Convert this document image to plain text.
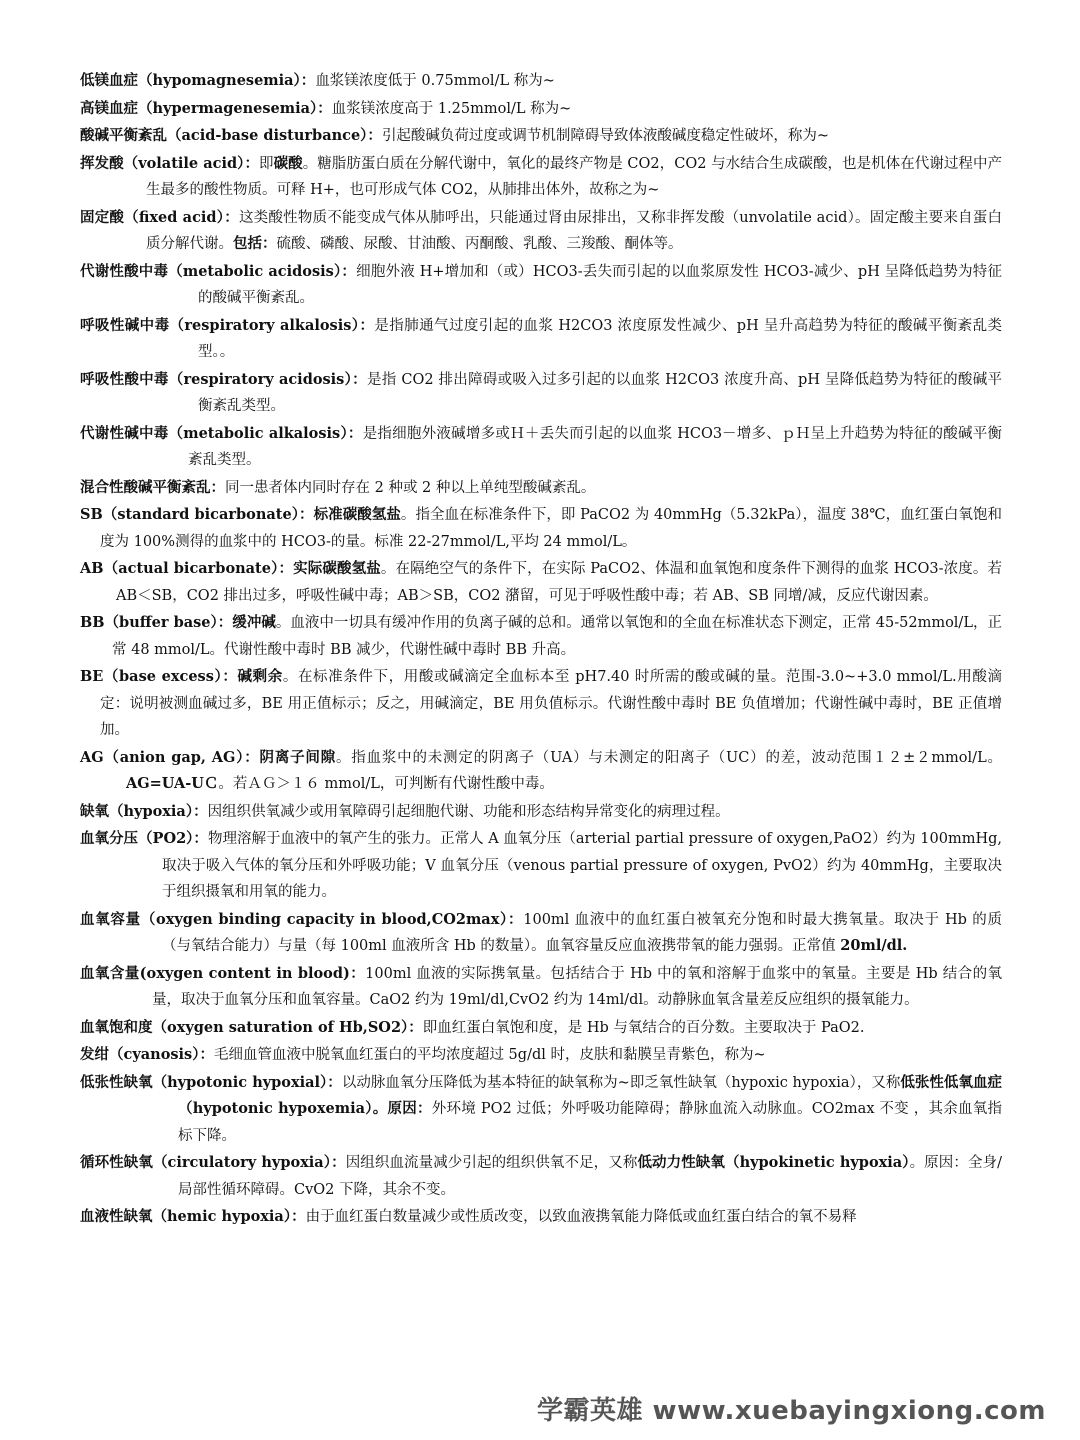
低镁血症（hypomagnesemia）：血浆镁浓度低于 0.75mmol/L 称为~

高镁血症（hypermagenesemia）：血浆镁浓度高于 1.25mmol/L 称为~

酸碱平衡紊乱（acid-base disturbance）：引起酸碱负荷过度或调节机制障碍导致体液酸碱度稳定性破坏，称为~

挥发酸（volatile acid）：即碳酸。糖脂肪蛋白质在分解代谢中，氧化的最终产物是 CO2，CO2 与水结合生成碳酸，也是机体在代谢过程中产生最多的酸性物质。可释 H+，也可形成气体 CO2，从肺排出体外，故称之为~

固定酸（fixed acid）：这类酸性物质不能变成气体从肺呼出，只能通过肾由尿排出，又称非挥发酸（unvolatile acid）。固定酸主要来自蛋白质分解代谢。包括：硫酸、磷酸、尿酸、甘油酸、丙酮酸、乳酸、三羧酸、酮体等。

代谢性酸中毒（metabolic acidosis）：细胞外液 H+增加和（或）HCO3-丢失而引起的以血浆原发性 HCO3-减少、pH 呈降低趋势为特征的酸碱平衡紊乱。

呼吸性碱中毒（respiratory alkalosis）：是指肺通气过度引起的血浆 H2CO3 浓度原发性减少、pH 呈升高趋势为特征的酸碱平衡紊乱类型。。

呼吸性酸中毒（respiratory acidosis）：是指 CO2 排出障碍或吸入过多引起的以血浆 H2CO3 浓度升高、pH 呈降低趋势为特征的酸碱平衡紊乱类型。

代谢性碱中毒（metabolic alkalosis）：是指细胞外液碱增多或Ｈ＋丢失而引起的以血浆 HCO3－增多、ｐＨ呈上升趋势为特征的酸碱平衡紊乱类型。

混合性酸碱平衡紊乱：同一患者体内同时存在 2 种或 2 种以上单纯型酸碱紊乱。

SB（standard bicarbonate）：标准碳酸氢盐。指全血在标准条件下，即 PaCO2 为 40mmHg（5.32kPa），温度 38℃，血红蛋白氧饱和度为 100%测得的血浆中的 HCO3-的量。标准 22-27mmol/L,平均 24 mmol/L。

AB（actual bicarbonate）：实际碳酸氢盐。在隔绝空气的条件下，在实际 PaCO2、体温和血氧饱和度条件下测得的血浆 HCO3-浓度。若 AB＜SB，CO2 排出过多，呼吸性碱中毒；AB＞SB，CO2 潴留，可见于呼吸性酸中毒；若 AB、SB 同增/减，反应代谢因素。

BB（buffer base）：缓冲碱。血液中一切具有缓冲作用的负离子碱的总和。通常以氧饱和的全血在标准状态下测定，正常 45-52mmol/L，正常 48 mmol/L。代谢性酸中毒时 BB 减少，代谢性碱中毒时 BB 升高。

BE（base excess）：碱剩余。在标准条件下，用酸或碱滴定全血标本至 pH7.40 时所需的酸或碱的量。范围-3.0~+3.0 mmol/L.用酸滴定：说明被测血碱过多，BE 用正值标示；反之，用碱滴定，BE 用负值标示。代谢性酸中毒时 BE 负值增加；代谢性碱中毒时，BE 正值增加。

AG（anion gap, AG）：阴离子间隙。指血浆中的未测定的阴离子（UA）与未测定的阳离子（UC）的差，波动范围１２±２mmol/L。AG=UA-UＣ。若ＡＧ＞１６ mmol/L，可判断有代谢性酸中毒。

缺氧（hypoxia）：因组织供氧减少或用氧障碍引起细胞代谢、功能和形态结构异常变化的病理过程。

血氧分压（PO2）：物理溶解于血液中的氧产生的张力。正常人 A 血氧分压（arterial partial pressure of oxygen,PaO2）约为 100mmHg,取决于吸入气体的氧分压和外呼吸功能；V 血氧分压（venous partial pressure of oxygen, PvO2）约为 40mmHg，主要取决于组织摄氧和用氧的能力。

血氧容量（oxygen binding capacity in blood,CO2max）：100ml 血液中的血红蛋白被氧充分饱和时最大携氧量。取决于 Hb 的质（与氧结合能力）与量（每 100ml 血液所含 Hb 的数量）。血氧容量反应血液携带氧的能力强弱。正常值 20ml/dl.

血氧含量(oxygen content in blood)：100ml 血液的实际携氧量。包括结合于 Hb 中的氧和溶解于血浆中的氧量。主要是 Hb 结合的氧量，取决于血氧分压和血氧容量。CaO2 约为 19ml/dl,CvO2 约为 14ml/dl。动静脉血氧含量差反应组织的摄氧能力。

血氧饱和度（oxygen saturation of Hb,SO2）：即血红蛋白氧饱和度，是 Hb 与氧结合的百分数。主要取决于 PaO2.

发绀（cyanosis）：毛细血管血液中脱氧血红蛋白的平均浓度超过 5g/dl 时，皮肤和黏膜呈青紫色，称为~

低张性缺氧（hypotonic hypoxial）：以动脉血氧分压降低为基本特征的缺氧称为~即乏氧性缺氧（hypoxic hypoxia），又称低张性低氧血症（hypotonic hypoxemia）。原因：外环境 PO2 过低；外呼吸功能障碍；静脉血流入动脉血。CO2max 不变 ，其余血氧指标下降。

循环性缺氧（circulatory hypoxia）：因组织血流量减少引起的组织供氧不足，又称低动力性缺氧（hypokinetic hypoxia）。原因：全身/局部性循环障碍。CvO2 下降，其余不变。

血液性缺氧（hemic hypoxia）：由于血红蛋白数量减少或性质改变，以致血液携氧能力降低或血红蛋白结合的氧不易释

学霸英雄 www.xuebayingxiong.com
